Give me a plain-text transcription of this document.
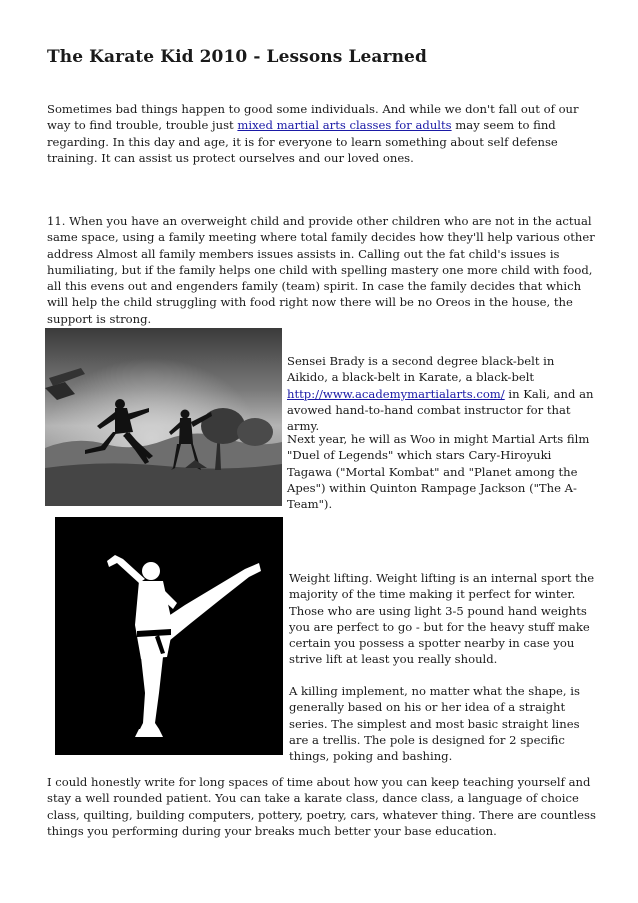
The Karate Kid 2010 - Lessons Learned

Sometimes bad things happen to good some individuals. And while we don't fall out of our way to find trouble, trouble just mixed martial arts classes for adults may seem to find regarding. In this day and age, it is for everyone to learn something about self defense training. It can assist us protect ourselves and our loved ones.

11. When you have an overweight child and provide other children who are not in the actual same space, using a family meeting where total family decides how they'll help various other address Almost all family members issues assists in. Calling out the fat child's issues is humiliating, but if the family helps one child with spelling mastery one more child with food, all this evens out and engenders family (team) spirit. In case the family decides that which will help the child struggling with food right now there will be no Oreos in the house, the support is strong.

Sensei Brady is a second degree black-belt in Aikido, a black-belt in Karate, a black-belt http://www.academymartialarts.com/ in Kali, and an avowed hand-to-hand combat instructor for that army.

Next year, he will as Woo in might Martial Arts film "Duel of Legends" which stars Cary-Hiroyuki Tagawa ("Mortal Kombat" and "Planet among the Apes") within Quinton Rampage Jackson ("The A-Team").

Weight lifting. Weight lifting is an internal sport the majority of the time making it perfect for winter. Those who are using light 3-5 pound hand weights you are perfect to go - but for the heavy stuff make certain you possess a spotter nearby in case you strive lift at least you really should.

A killing implement, no matter what the shape, is generally based on his or her idea of a straight series. The simplest and most basic straight lines are a trellis. The pole is designed for 2 specific things, poking and bashing.

I could honestly write for long spaces of time about how you can keep teaching yourself and stay a well rounded patient. You can take a karate class, dance class, a language of choice class, quilting, building computers, pottery, poetry, cars, whatever thing. There are countless things you performing during your breaks much better your base education.
